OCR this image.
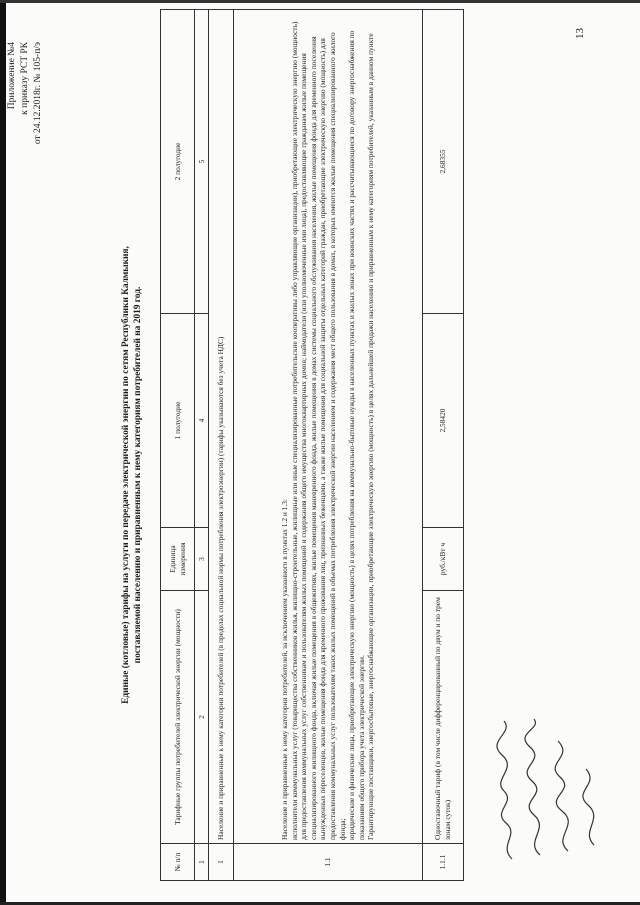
Приложение №4 к приказу РСТ РК от 24.12.2018г. № 105-п/э
Единые (котловые) тарифы на услуги по передаче электрической энергии по сетям Республики Калмыкия, поставляемой населению и приравненным к нему категориям потребителей на 2019 год.
№ п/п	Тарифные группы потребителей электрической энергии (мощности)	Единица измерения	1 полугодие	2 полугодие
1	2	3	4	5
1	Население и приравненные к нему категории потребителей (в пределах социальной нормы потребления электроэнергии) (тарифы указываются без учета НДС)			
1.1	Население и приравненные к нему категории потребителей, за исключением указанного в пунктах 1.2 и 1.3: исполнители коммунальных услуг (товарищества собственников жилья, жилищно-строительные, жилищные или иные специализированные потребительские кооперативы либо управляющие организации), приобретающие электрическую энергию (мощность) для предоставления коммунальных услуг собственникам и пользователям жилых помещений и содержания общего имущества многоквартирных домов; наймодатели (или уполномоченные ими лица), предоставляющие гражданам жилые помещения специализированного жилищного фонда, включая жилые помещения в общежитиях, жилые помещения маневренного фонда, жилые помещения в домах системы социального обслуживания населения, жилые помещения фонда для временного поселения вынужденных переселенцев, жилые помещения фонда для временного проживания лиц, признанных беженцами, а также жилые помещения для социальной защиты отдельных категорий граждан, приобретающие электрическую энергию (мощность) для предоставления коммунальных услуг пользователям таких жилых помещений в объемах потребления электрической энергии населением и содержания мест общего пользования в домах, в которых имеются жилые помещения специализированного жилого фонда; юридические и физические лица, приобретающие электрическую энергию (мощность) в целях потребления на коммунально-бытовые нужды в населенных пунктах и жилых зонах при воинских частях и рассчитывающиеся по договору энергоснабжения по показаниям общего прибора учета электрической энергии. Гарантирующие поставщики, энергосбытовые, энергоснабжающие организации, приобретающие электрическую энергию (мощность) в целях дальнейшей продажи населению и приравненным к нему категориям потребителей, указанным в данном пункте			

1.1.1	Одноставочный тариф (в том числе дифференцированный по двум и по трем зонам суток)	руб./кВт ч	2,58420	2,68355
13
